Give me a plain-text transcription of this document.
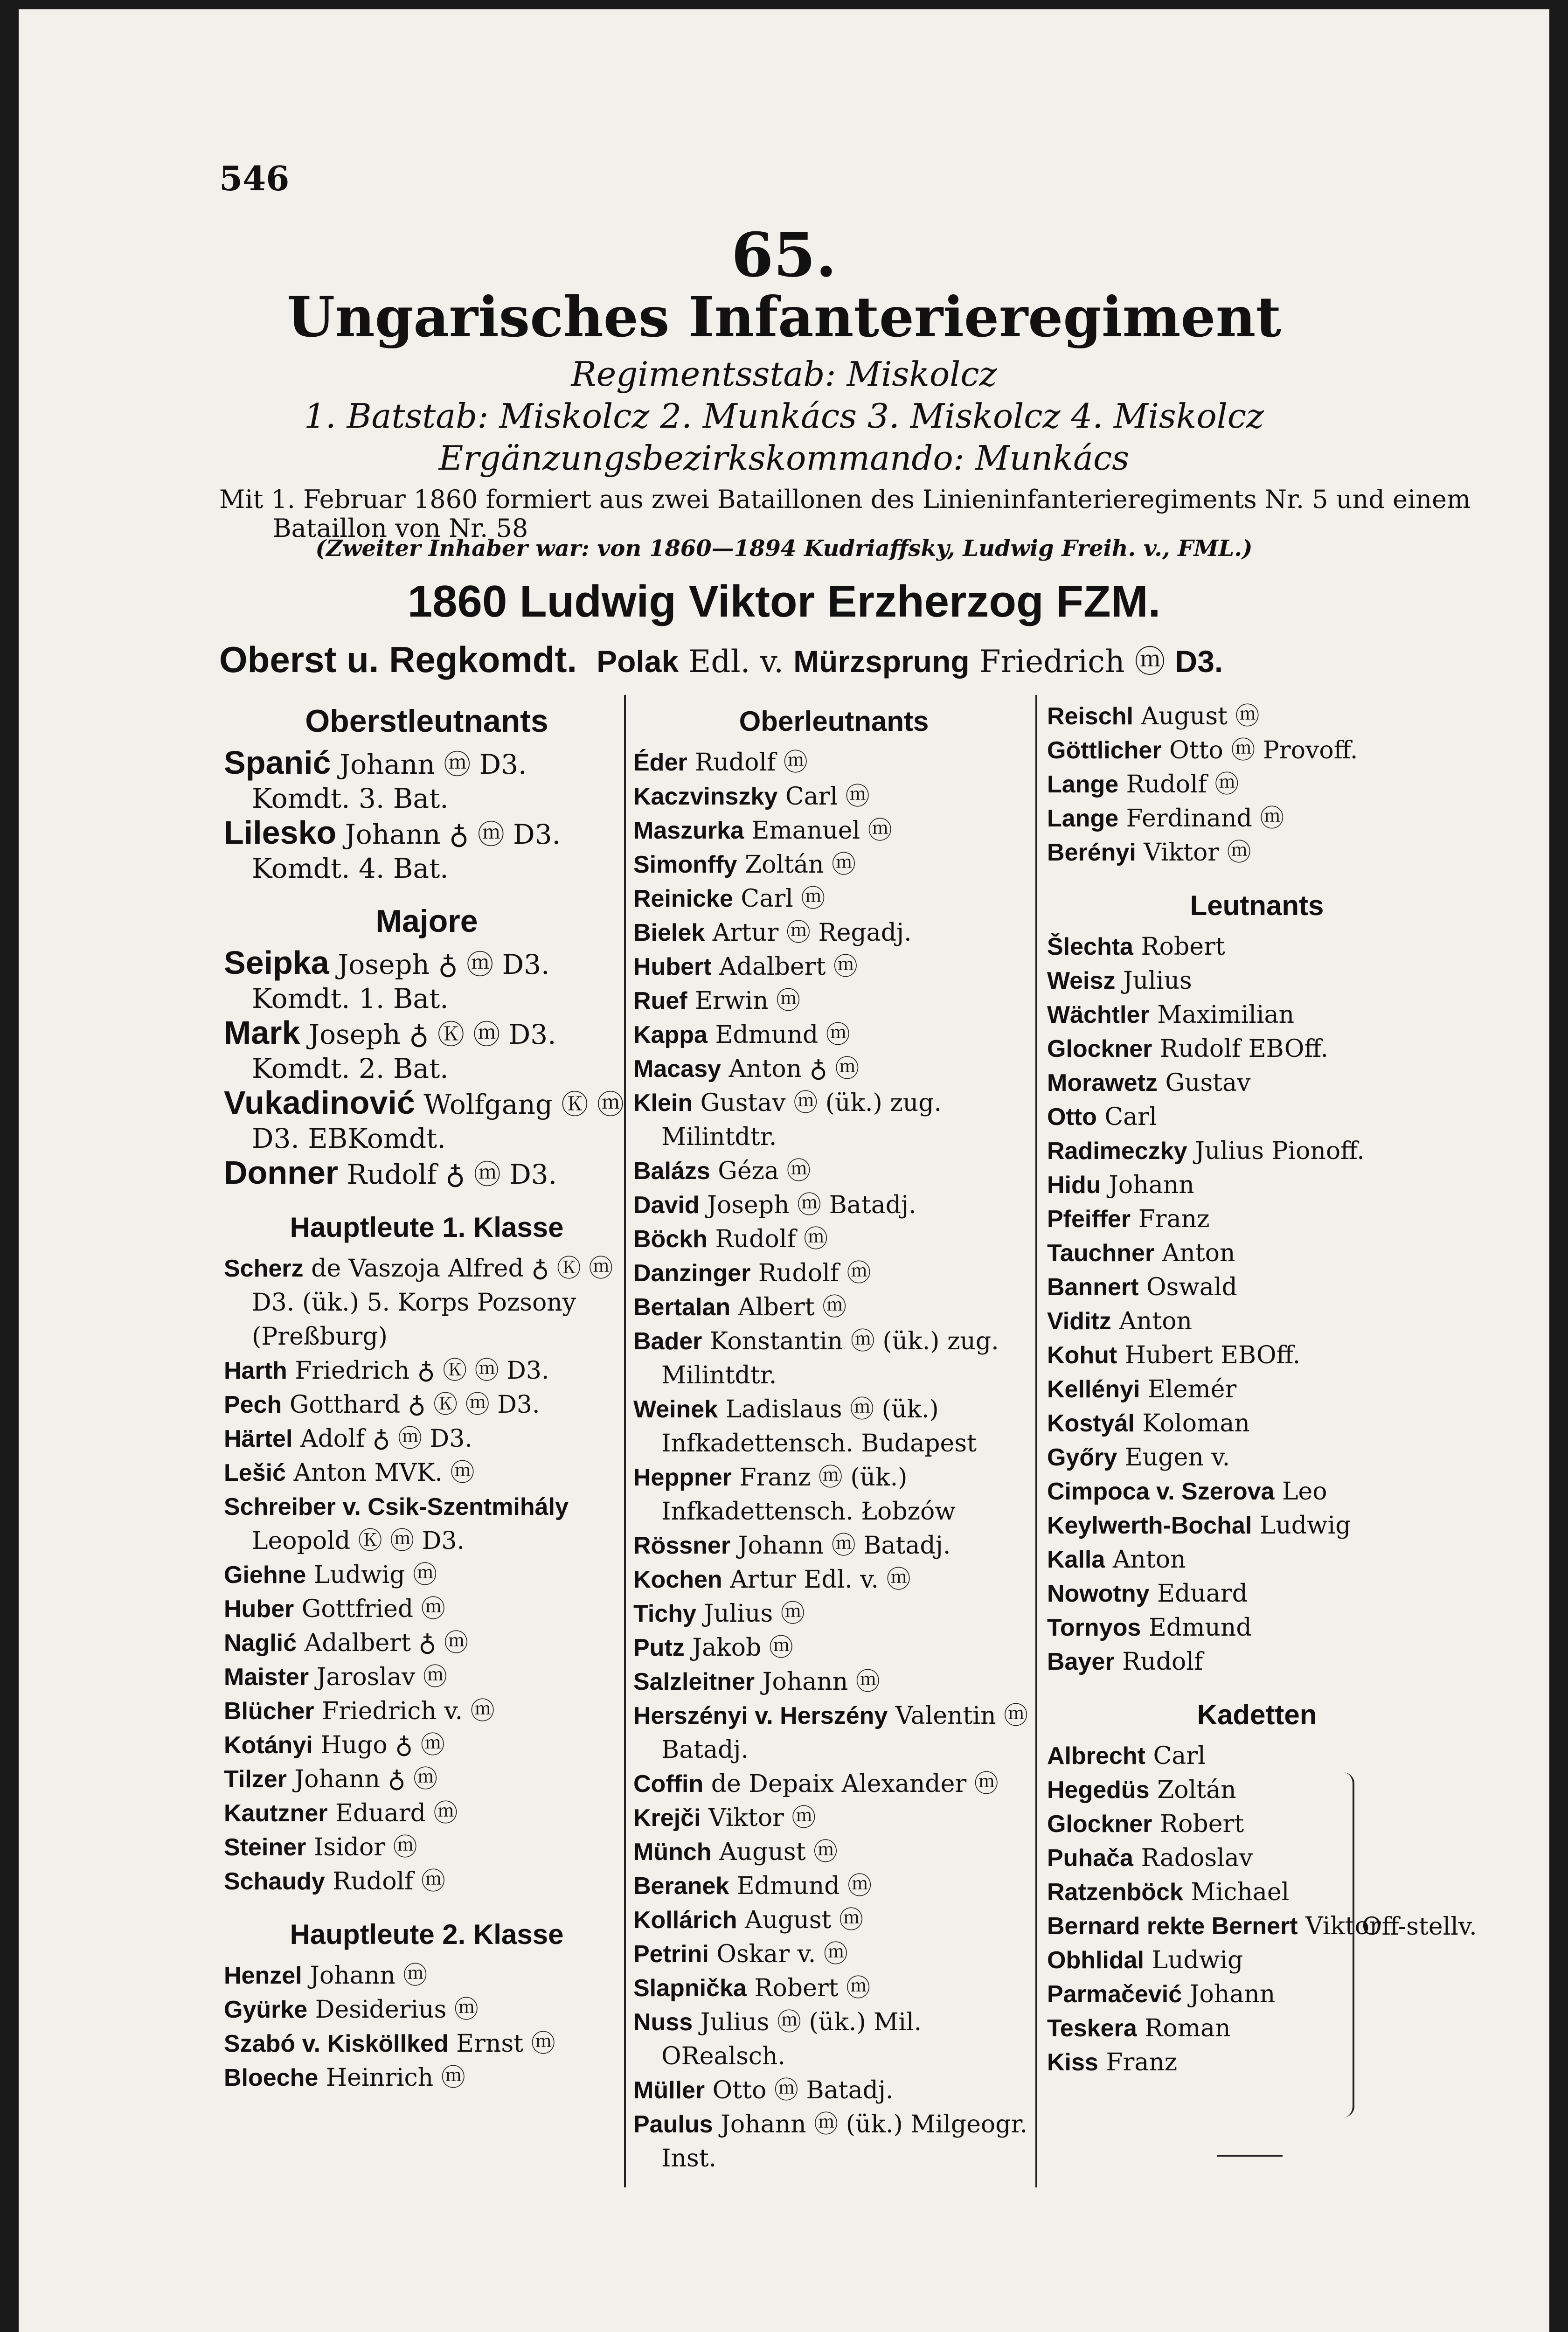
546
65.
Ungarisches Infanterieregiment
Regimentsstab: Miskolcz
1. Batstab: Miskolcz 2. Munkács 3. Miskolcz 4. Miskolcz
Ergänzungsbezirkskommando: Munkács
Mit 1. Februar 1860 formiert aus zwei Bataillonen des Linieninfanterieregiments Nr. 5 und einem
Bataillon von Nr. 58
(Zweiter Inhaber war: von 1860—1894 Kudriaffsky, Ludwig Freih. v., FML.)
1860 Ludwig Viktor Erzherzog FZM.
Oberst u. Regkomdt. Polak Edl. v. Mürzsprung Friedrich ⓜ D3.
Oberstleutnants
Spanić Johann ⓜ D3. Komdt. 3. Bat.
Lilesko Johann ♁ ⓜ D3. Komdt. 4. Bat.
Majore
Seipka Joseph ♁ ⓜ D3. Komdt. 1. Bat.
Mark Joseph ♁ Ⓚ ⓜ D3. Komdt. 2. Bat.
Vukadinović Wolfgang Ⓚ ⓜ D3. EBKomdt.
Donner Rudolf ♁ ⓜ D3.
Hauptleute 1. Klasse
Scherz de Vaszoja Alfred ♁ Ⓚ ⓜ D3. (ük.) 5. Korps Pozsony (Preßburg)
Harth Friedrich ♁ Ⓚ ⓜ D3.
Pech Gotthard ♁ Ⓚ ⓜ D3.
Härtel Adolf ♁ ⓜ D3.
Lešić Anton MVK. ⓜ
Schreiber v. Csik-Szentmihály Leopold Ⓚ ⓜ D3.
Giehne Ludwig ⓜ
Huber Gottfried ⓜ
Naglić Adalbert ♁ ⓜ
Maister Jaroslav ⓜ
Blücher Friedrich v. ⓜ
Kotányi Hugo ♁ ⓜ
Tilzer Johann ♁ ⓜ
Kautzner Eduard ⓜ
Steiner Isidor ⓜ
Schaudy Rudolf ⓜ
Hauptleute 2. Klasse
Henzel Johann ⓜ
Gyürke Desiderius ⓜ
Szabó v. Kisköllked Ernst ⓜ
Bloeche Heinrich ⓜ
Oberleutnants
Éder Rudolf ⓜ
Kaczvinszky Carl ⓜ
Maszurka Emanuel ⓜ
Simonffy Zoltán ⓜ
Reinicke Carl ⓜ
Bielek Artur ⓜ Regadj.
Hubert Adalbert ⓜ
Ruef Erwin ⓜ
Kappa Edmund ⓜ
Macasy Anton ♁ ⓜ
Klein Gustav ⓜ (ük.) zug. Milintdtr.
Balázs Géza ⓜ
David Joseph ⓜ Batadj.
Böckh Rudolf ⓜ
Danzinger Rudolf ⓜ
Bertalan Albert ⓜ
Bader Konstantin ⓜ (ük.) zug. Milintdtr.
Weinek Ladislaus ⓜ (ük.) Infkadettensch. Budapest
Heppner Franz ⓜ (ük.) Infkadettensch. Łobzów
Rössner Johann ⓜ Batadj.
Kochen Artur Edl. v. ⓜ
Tichy Julius ⓜ
Putz Jakob ⓜ
Salzleitner Johann ⓜ
Herszényi v. Herszény Valentin ⓜ Batadj.
Coffin de Depaix Alexander ⓜ
Krejči Viktor ⓜ
Münch August ⓜ
Beranek Edmund ⓜ
Kollárich August ⓜ
Petrini Oskar v. ⓜ
Slapnička Robert ⓜ
Nuss Julius ⓜ (ük.) Mil. ORealsch.
Müller Otto ⓜ Batadj.
Paulus Johann ⓜ (ük.) Milgeogr. Inst.
Reischl August ⓜ
Göttlicher Otto ⓜ Provoff.
Lange Rudolf ⓜ
Lange Ferdinand ⓜ
Berényi Viktor ⓜ
Leutnants
Šlechta Robert
Weisz Julius
Wächtler Maximilian
Glockner Rudolf EBOff.
Morawetz Gustav
Otto Carl
Radimeczky Julius Pionoff.
Hidu Johann
Pfeiffer Franz
Tauchner Anton
Bannert Oswald
Viditz Anton
Kohut Hubert EBOff.
Kellényi Elemér
Kostyál Koloman
Győry Eugen v.
Cimpoca v. Szerova Leo
Keylwerth-Bochal Ludwig
Kalla Anton
Nowotny Eduard
Tornyos Edmund
Bayer Rudolf
Kadetten
Albrecht Carl
Hegedüs Zoltán
Glockner Robert
Puhača Radoslav
Ratzenböck Michael
Bernard rekte Bernert Viktor
Obhlidal Ludwig
Parmačević Johann
Teskera Roman
Kiss Franz
Off-stellv.
